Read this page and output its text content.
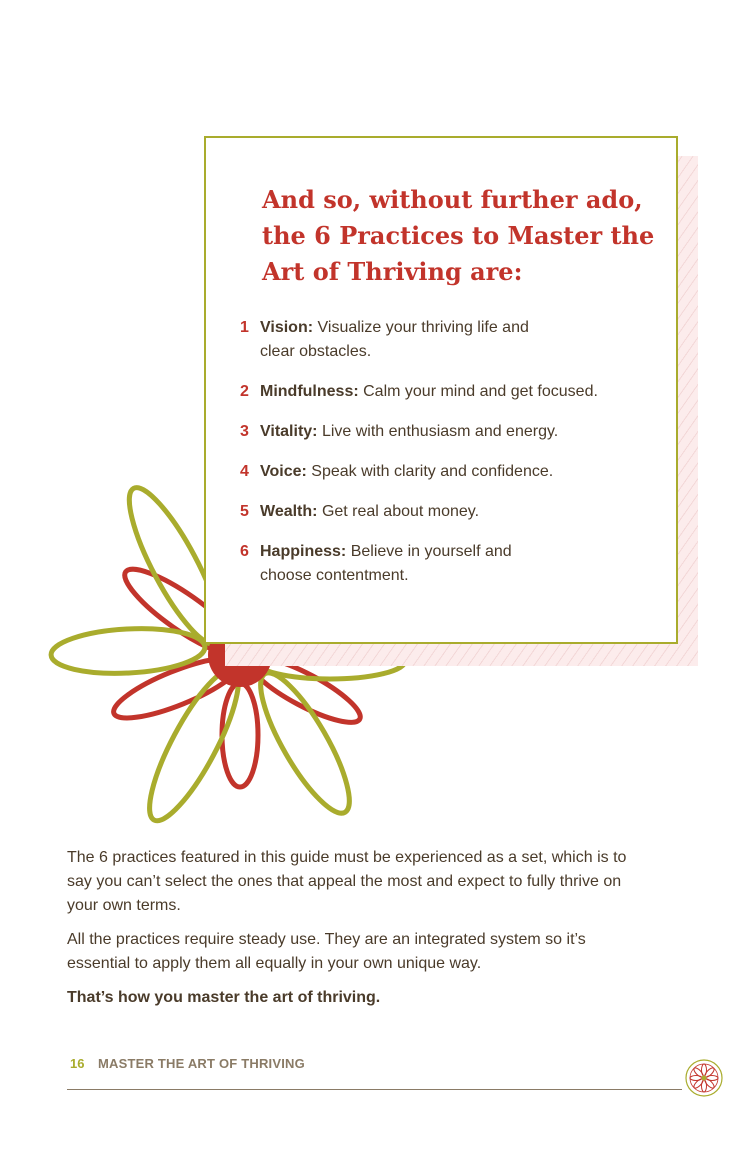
And so, without further ado,
the 6 Practices to Master the
Art of Thriving are:
1 Vision: Visualize your thriving life and
clear obstacles.
2 Mindfulness: Calm your mind and get focused.
3 Vitality: Live with enthusiasm and energy.
4 Voice: Speak with clarity and confidence.
5 Wealth: Get real about money.
6 Happiness: Believe in yourself and
choose contentment.

The 6 practices featured in this guide must be experienced as a set, which is to
say you can’t select the ones that appeal the most and expect to fully thrive on
your own terms.

All the practices require steady use. They are an integrated system so it’s
essential to apply them all equally in your own unique way.

That’s how you master the art of thriving.

16 MASTER THE ART OF THRIVING
